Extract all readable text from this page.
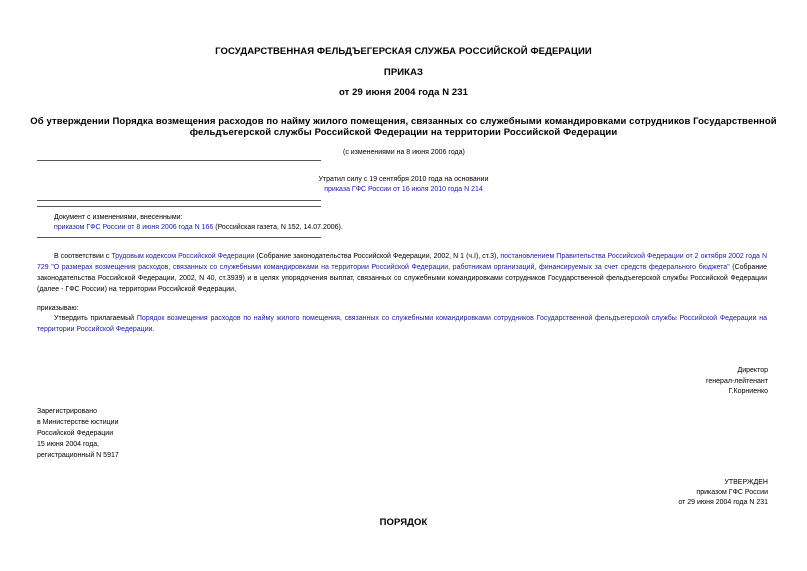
ГОСУДАРСТВЕННАЯ ФЕЛЬДЪЕГЕРСКАЯ СЛУЖБА РОССИЙСКОЙ ФЕДЕРАЦИИ
ПРИКАЗ
от 29 июня 2004 года N 231
Об утверждении Порядка возмещения расходов по найму жилого помещения, связанных со служебными командировками сотрудников Государственной
фельдъегерской службы Российской Федерации на территории Российской Федерации
(с изменениями на 8 июня 2006 года)
Утратил силу с 19 сентября 2010 года на основании
приказа ГФС России от 16 июля 2010 года N 214
Документ с изменениями, внесенными:
приказом ГФС России от 8 июня 2006 года N 166 (Российская газета, N 152, 14.07.2006).
В соответствии с Трудовым кодексом Российской Федерации (Собрание законодательства Российской Федерации, 2002, N 1 (ч.I), ст.3), постановлением Правительства Российской Федерации от 2 октября 2002 года N 729 "О размерах возмещения расходов, связанных со служебными командировками на территории Российской Федерации, работникам организаций, финансируемых за счет средств федерального бюджета" (Собрание законодательства Российской Федерации, 2002, N 40, ст.3939) и в целях упорядочения выплат, связанных со служебными командировками сотрудников Государственной фельдъегерской службы Российской Федерации (далее - ГФС России) на территории Российской Федерации,
приказываю:
Утвердить прилагаемый Порядок возмещения расходов по найму жилого помещения, связанных со служебными командировками сотрудников Государственной фельдъегерской службы Российской Федерации на территории Российской Федерации.
Директор
генерал-лейтенант
Г.Корниенко
Зарегистрировано
в Министерстве юстиции
Российской Федерации
15 июня 2004 года,
регистрационный N 5917
УТВЕРЖДЕН
приказом ГФС России
от 29 июня 2004 года N 231
ПОРЯДОК
